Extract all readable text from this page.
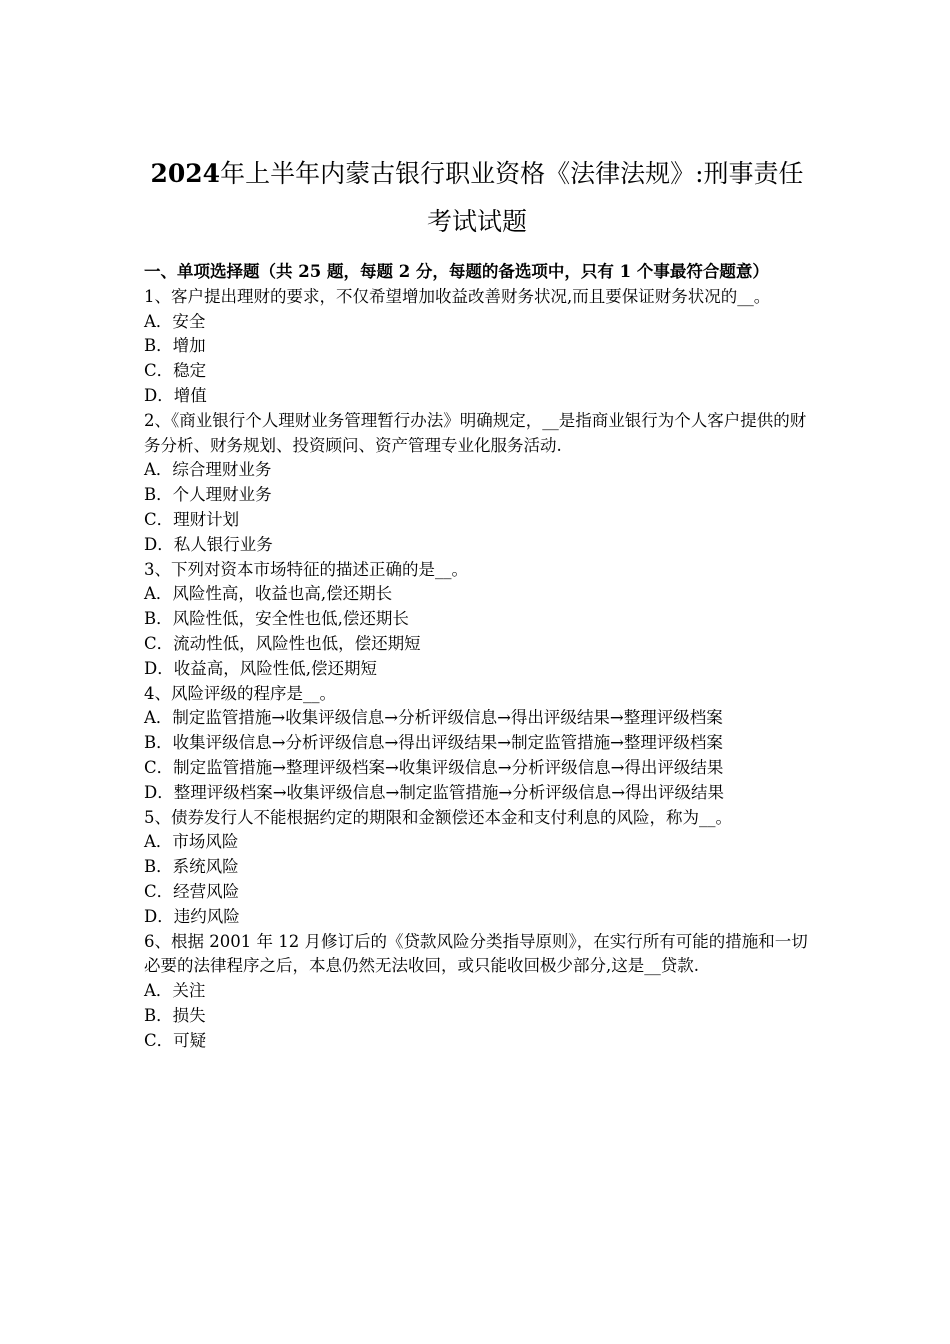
2024年上半年内蒙古银行职业资格《法律法规》:刑事责任
考试试题

一、单项选择题（共 25 题，每题 2 分，每题的备选项中，只有 1 个事最符合题意）

1、客户提出理财的要求，不仅希望增加收益改善财务状况,而且要保证财务状况的__。

A．安全

B．增加

C．稳定

D．增值

2、《商业银行个人理财业务管理暂行办法》明确规定，__是指商业银行为个人客户提供的财务分析、财务规划、投资顾问、资产管理专业化服务活动.

A．综合理财业务

B．个人理财业务

C．理财计划

D．私人银行业务

3、下列对资本市场特征的描述正确的是__。

A．风险性高，收益也高,偿还期长

B．风险性低，安全性也低,偿还期长

C．流动性低，风险性也低，偿还期短

D．收益高，风险性低,偿还期短

4、风险评级的程序是__。

A．制定监管措施→收集评级信息→分析评级信息→得出评级结果→整理评级档案

B．收集评级信息→分析评级信息→得出评级结果→制定监管措施→整理评级档案

C．制定监管措施→整理评级档案→收集评级信息→分析评级信息→得出评级结果

D．整理评级档案→收集评级信息→制定监管措施→分析评级信息→得出评级结果

5、债券发行人不能根据约定的期限和金额偿还本金和支付利息的风险，称为__。

A．市场风险

B．系统风险

C．经营风险

D．违约风险

6、根据 2001 年 12 月修订后的《贷款风险分类指导原则》，在实行所有可能的措施和一切必要的法律程序之后，本息仍然无法收回，或只能收回极少部分,这是__贷款.

A．关注

B．损失

C．可疑
